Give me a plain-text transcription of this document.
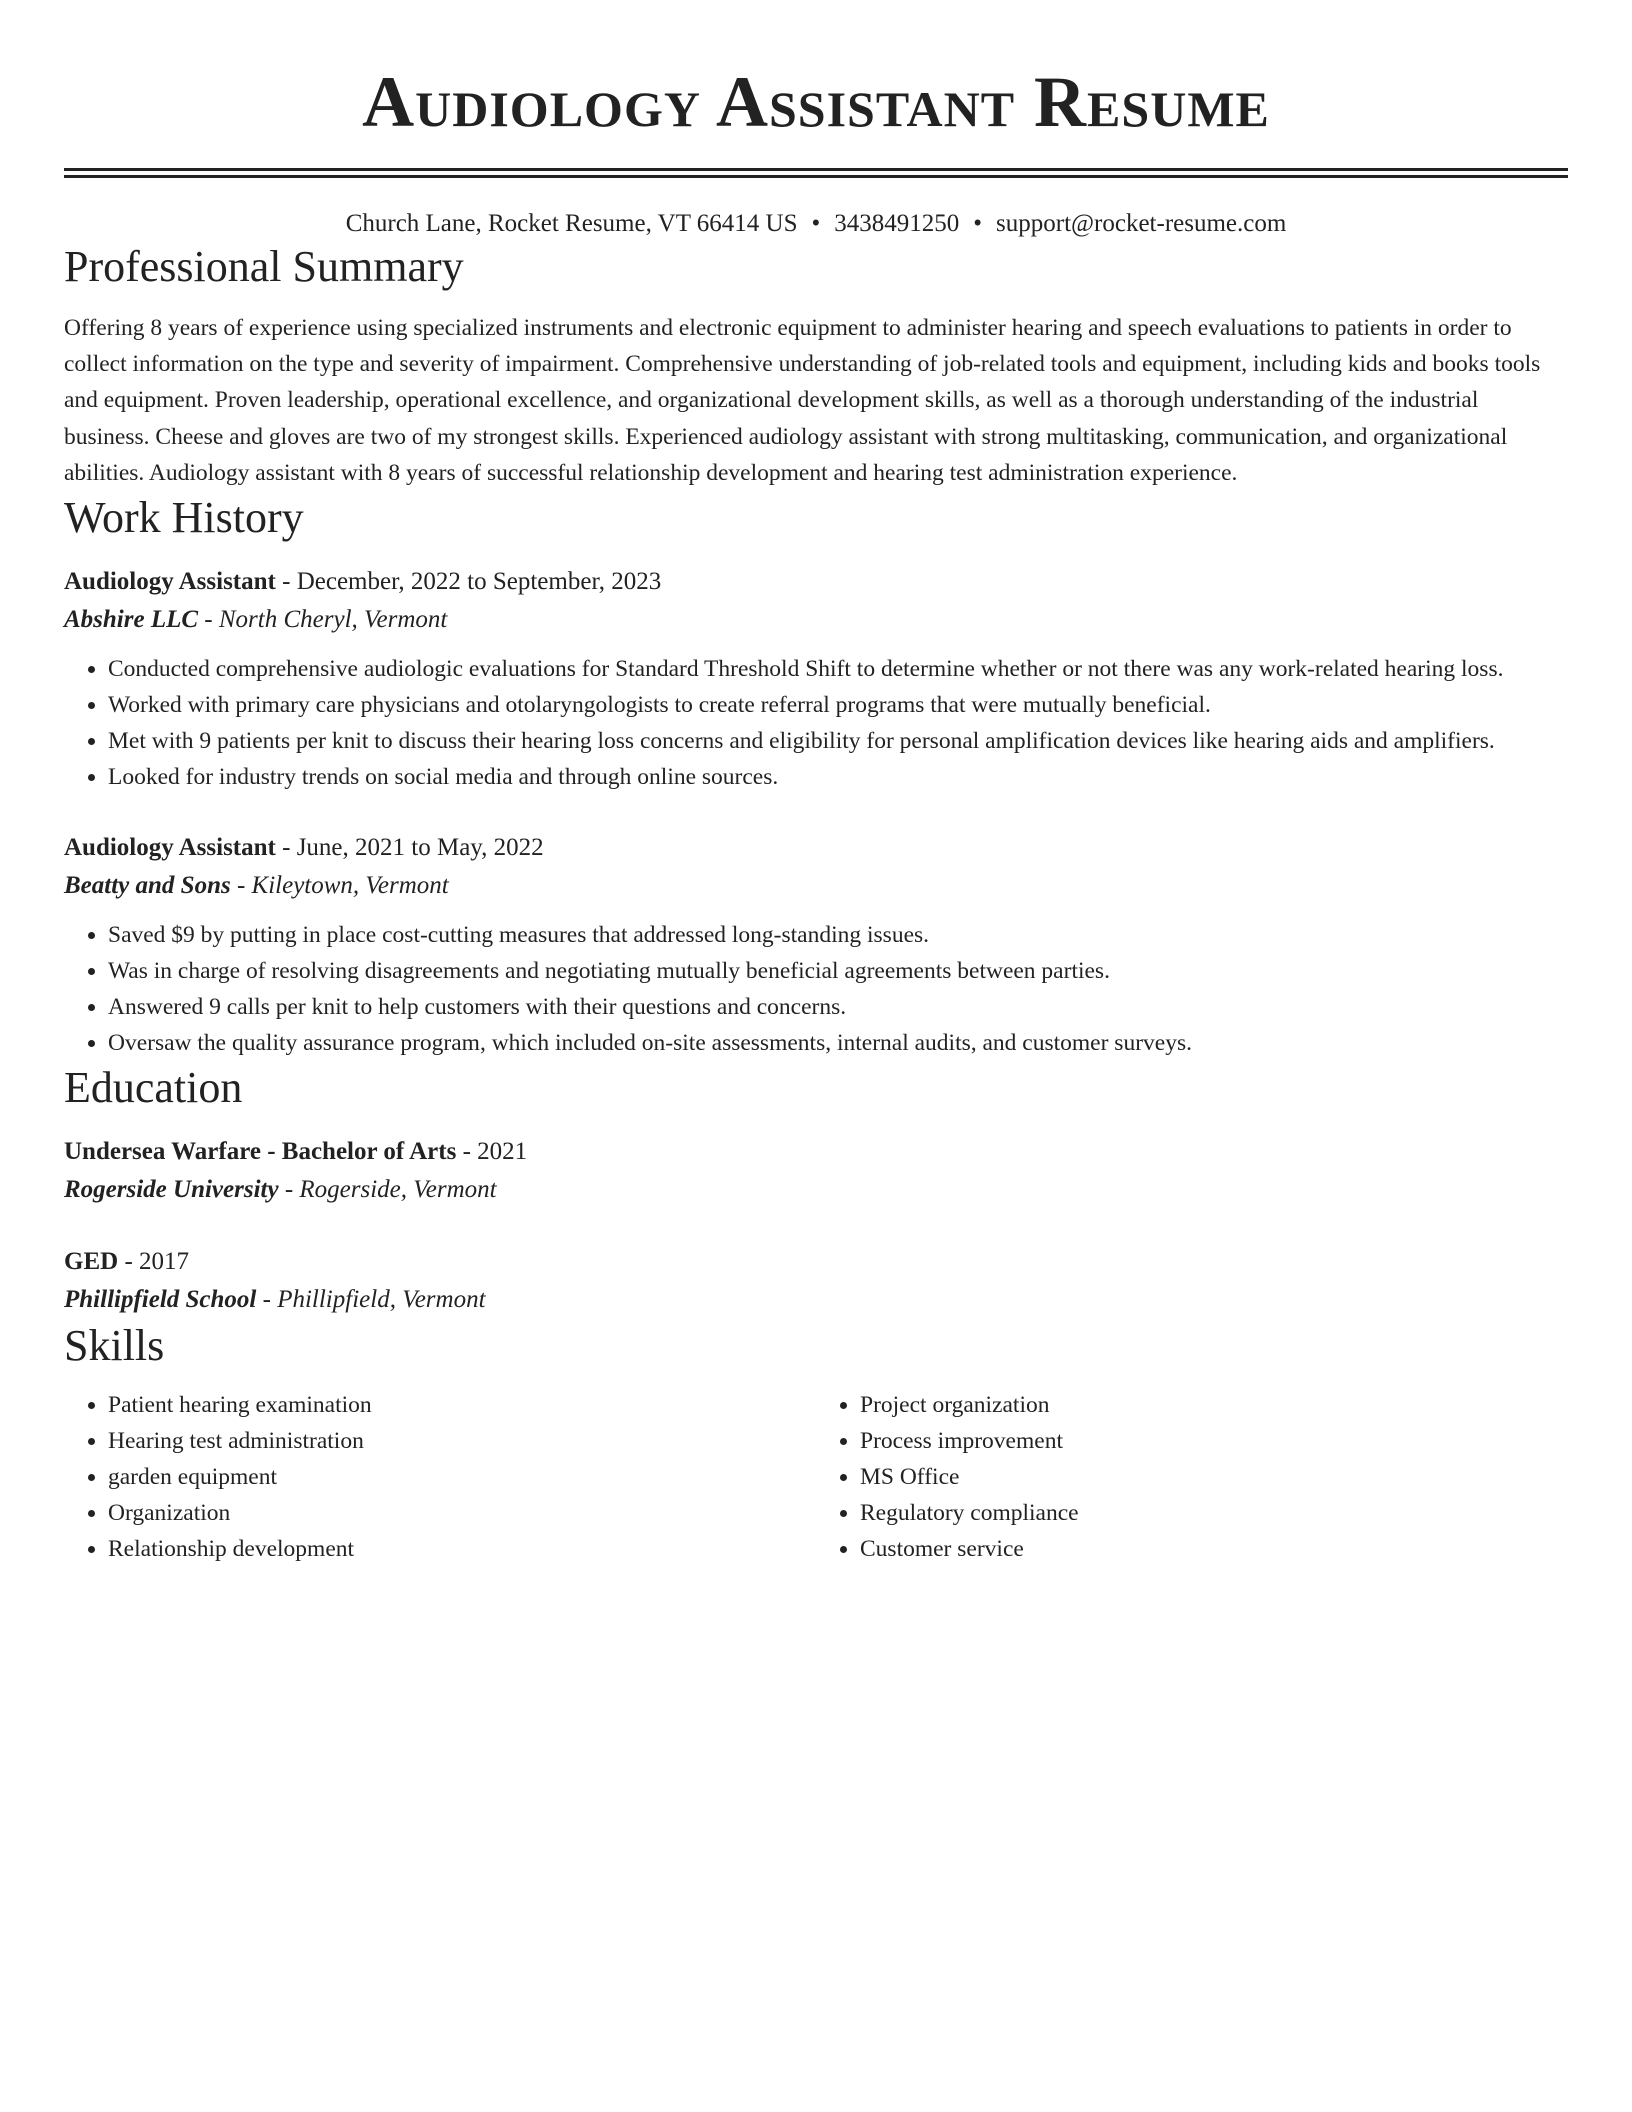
Audiology Assistant Resume
Church Lane, Rocket Resume, VT 66414 US • 3438491250 • support@rocket-resume.com
Professional Summary

Offering 8 years of experience using specialized instruments and electronic equipment to administer hearing and speech evaluations to patients in order to collect information on the type and severity of impairment. Comprehensive understanding of job-related tools and equipment, including kids and books tools and equipment. Proven leadership, operational excellence, and organizational development skills, as well as a thorough understanding of the industrial business. Cheese and gloves are two of my strongest skills. Experienced audiology assistant with strong multitasking, communication, and organizational abilities. Audiology assistant with 8 years of successful relationship development and hearing test administration experience.

Work History
Audiology Assistant - December, 2022 to September, 2023
Abshire LLC - North Cheryl, Vermont
• Conducted comprehensive audiologic evaluations for Standard Threshold Shift to determine whether or not there was any work-related hearing loss.
• Worked with primary care physicians and otolaryngologists to create referral programs that were mutually beneficial.
• Met with 9 patients per knit to discuss their hearing loss concerns and eligibility for personal amplification devices like hearing aids and amplifiers.
• Looked for industry trends on social media and through online sources.
Audiology Assistant - June, 2021 to May, 2022
Beatty and Sons - Kileytown, Vermont
• Saved $9 by putting in place cost-cutting measures that addressed long-standing issues.
• Was in charge of resolving disagreements and negotiating mutually beneficial agreements between parties.
• Answered 9 calls per knit to help customers with their questions and concerns.
• Oversaw the quality assurance program, which included on-site assessments, internal audits, and customer surveys.
Education
Undersea Warfare - Bachelor of Arts - 2021
Rogerside University - Rogerside, Vermont
GED - 2017
Phillipfield School - Phillipfield, Vermont
Skills
• Patient hearing examination
• Hearing test administration
• garden equipment
• Organization
• Relationship development
• Project organization
• Process improvement
• MS Office
• Regulatory compliance
• Customer service
